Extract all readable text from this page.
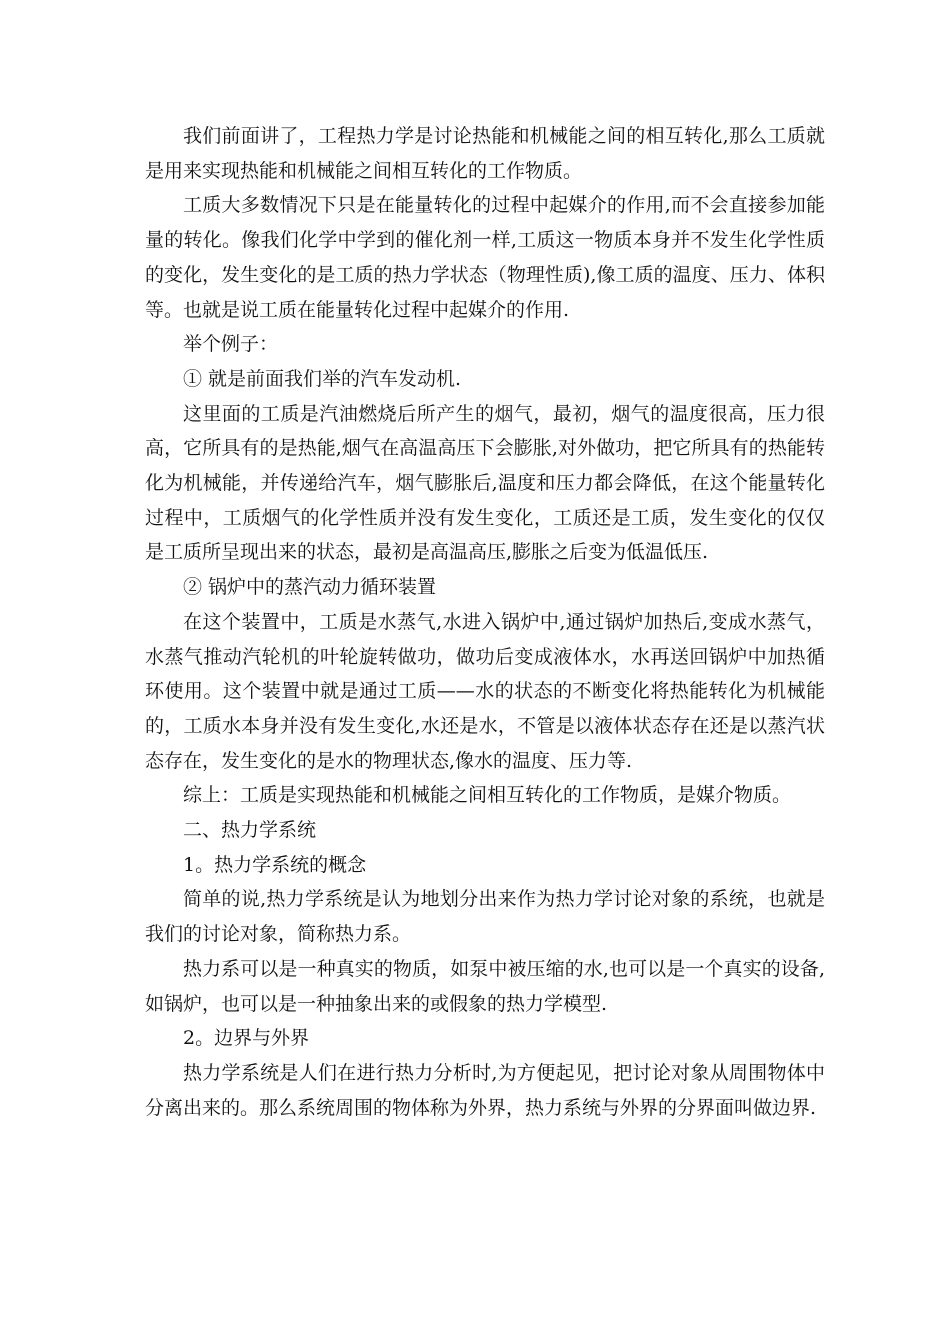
我们前面讲了，工程热力学是讨论热能和机械能之间的相互转化,那么工质就是用来实现热能和机械能之间相互转化的工作物质。

工质大多数情况下只是在能量转化的过程中起媒介的作用,而不会直接参加能量的转化。像我们化学中学到的催化剂一样,工质这一物质本身并不发生化学性质的变化，发生变化的是工质的热力学状态（物理性质),像工质的温度、压力、体积等。也就是说工质在能量转化过程中起媒介的作用.

举个例子：

① 就是前面我们举的汽车发动机.

这里面的工质是汽油燃烧后所产生的烟气，最初，烟气的温度很高，压力很高，它所具有的是热能,烟气在高温高压下会膨胀,对外做功，把它所具有的热能转化为机械能，并传递给汽车，烟气膨胀后,温度和压力都会降低，在这个能量转化过程中，工质烟气的化学性质并没有发生变化，工质还是工质，发生变化的仅仅是工质所呈现出来的状态，最初是高温高压,膨胀之后变为低温低压.

② 锅炉中的蒸汽动力循环装置

在这个装置中，工质是水蒸气,水进入锅炉中,通过锅炉加热后,变成水蒸气，水蒸气推动汽轮机的叶轮旋转做功，做功后变成液体水，水再送回锅炉中加热循环使用。这个装置中就是通过工质——水的状态的不断变化将热能转化为机械能的，工质水本身并没有发生变化,水还是水，不管是以液体状态存在还是以蒸汽状态存在，发生变化的是水的物理状态,像水的温度、压力等.

综上：工质是实现热能和机械能之间相互转化的工作物质，是媒介物质。

二、热力学系统

1。热力学系统的概念

简单的说,热力学系统是认为地划分出来作为热力学讨论对象的系统，也就是我们的讨论对象，简称热力系。

热力系可以是一种真实的物质，如泵中被压缩的水,也可以是一个真实的设备,如锅炉，也可以是一种抽象出来的或假象的热力学模型.

2。边界与外界

热力学系统是人们在进行热力分析时,为方便起见，把讨论对象从周围物体中分离出来的。那么系统周围的物体称为外界，热力系统与外界的分界面叫做边界.
